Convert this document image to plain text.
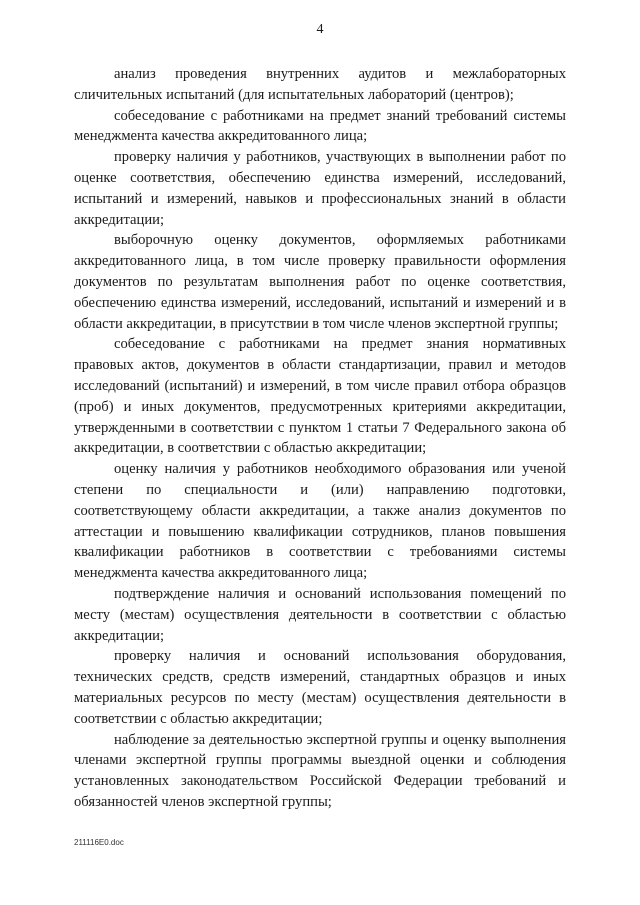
4

анализ проведения внутренних аудитов и межлабораторных сличительных испытаний (для испытательных лабораторий (центров);

собеседование с работниками на предмет знаний требований системы менеджмента качества аккредитованного лица;

проверку наличия у работников, участвующих в выполнении работ по оценке соответствия, обеспечению единства измерений, исследований, испытаний и измерений, навыков и профессиональных знаний в области аккредитации;

выборочную оценку документов, оформляемых работниками аккредитованного лица, в том числе проверку правильности оформления документов по результатам выполнения работ по оценке соответствия, обеспечению единства измерений, исследований, испытаний и измерений и в области аккредитации, в присутствии в том числе членов экспертной группы;

собеседование с работниками на предмет знания нормативных правовых актов, документов в области стандартизации, правил и методов исследований (испытаний) и измерений, в том числе правил отбора образцов (проб) и иных документов, предусмотренных критериями аккредитации, утвержденными в соответствии с пунктом 1 статьи 7 Федерального закона об аккредитации, в соответствии с областью аккредитации;

оценку наличия у работников необходимого образования или ученой степени по специальности и (или) направлению подготовки, соответствующему области аккредитации, а также анализ документов по аттестации и повышению квалификации сотрудников, планов повышения квалификации работников в соответствии с требованиями системы менеджмента качества аккредитованного лица;

подтверждение наличия и оснований использования помещений по месту (местам) осуществления деятельности в соответствии с областью аккредитации;

проверку наличия и оснований использования оборудования, технических средств, средств измерений, стандартных образцов и иных материальных ресурсов по месту (местам) осуществления деятельности в соответствии с областью аккредитации;

наблюдение за деятельностью экспертной группы и оценку выполнения членами экспертной группы программы выездной оценки и соблюдения установленных законодательством Российской Федерации требований и обязанностей членов экспертной группы;

211116E0.doc
